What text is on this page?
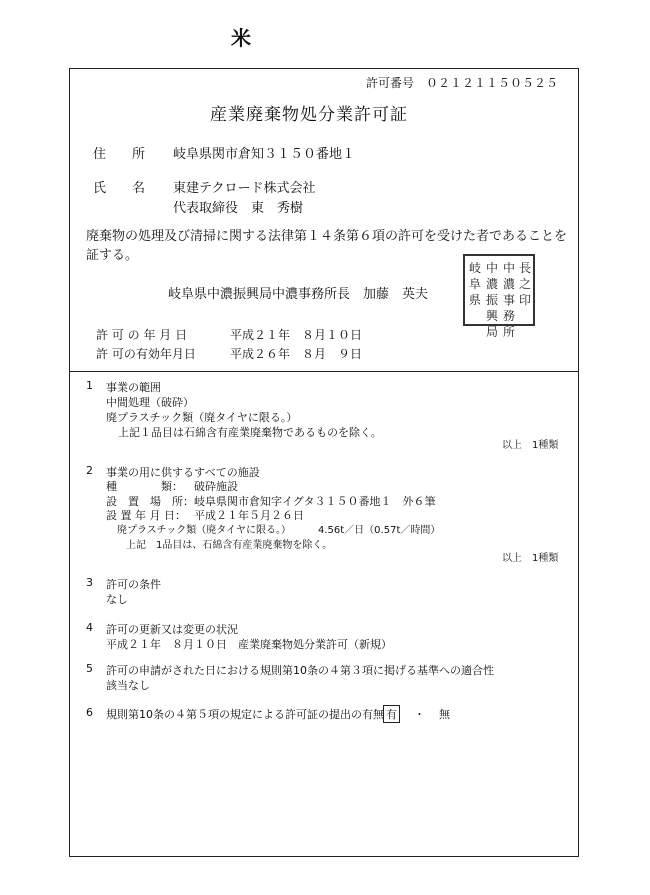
米
許可番号　０２１２１１５０５２５
産業廃棄物処分業許可証
住　　所 岐阜県関市倉知３１５０番地１
氏　　名 東建テクロード株式会社
代表取締役　東　秀樹
廃棄物の処理及び清掃に関する法律第１４条第６項の許可を受けた者であることを
証する。
岐阜県中濃振興局中濃事務所長　加藤　英夫
岐阜県
中濃振興局
中濃事務所
長之印
許 可 の 年 月 日	平成２１年　８月１０日
許 可の有効年月日	平成２６年　８月　９日
1 事業の範囲
中間処理（破砕）
廃プラスチック類（廃タイヤに限る。）
上記１品目は石綿含有産業廃棄物であるものを除く。
以上　1種類
2 事業の用に供するすべての施設
種　　　　類： 破砕施設
設　置　場　所： 岐阜県関市倉知字イグタ３１５０番地１　外６筆
設 置 年 月 日： 平成２１年５月２６日
廃プラスチック類（廃タイヤに限る。）	4.56t／日（0.57t／時間）
上記　1品目は、石綿含有産業廃棄物を除く。
以上　1種類
3 許可の条件
なし
4 許可の更新又は変更の状況
平成２１年　８月１０日　産業廃棄物処分業許可（新規）
5 許可の申請がされた日における規則第10条の４第３項に掲げる基準への適合性
該当なし
6 規則第10条の４第５項の規定による許可証の提出の有無 有 ・ 無
